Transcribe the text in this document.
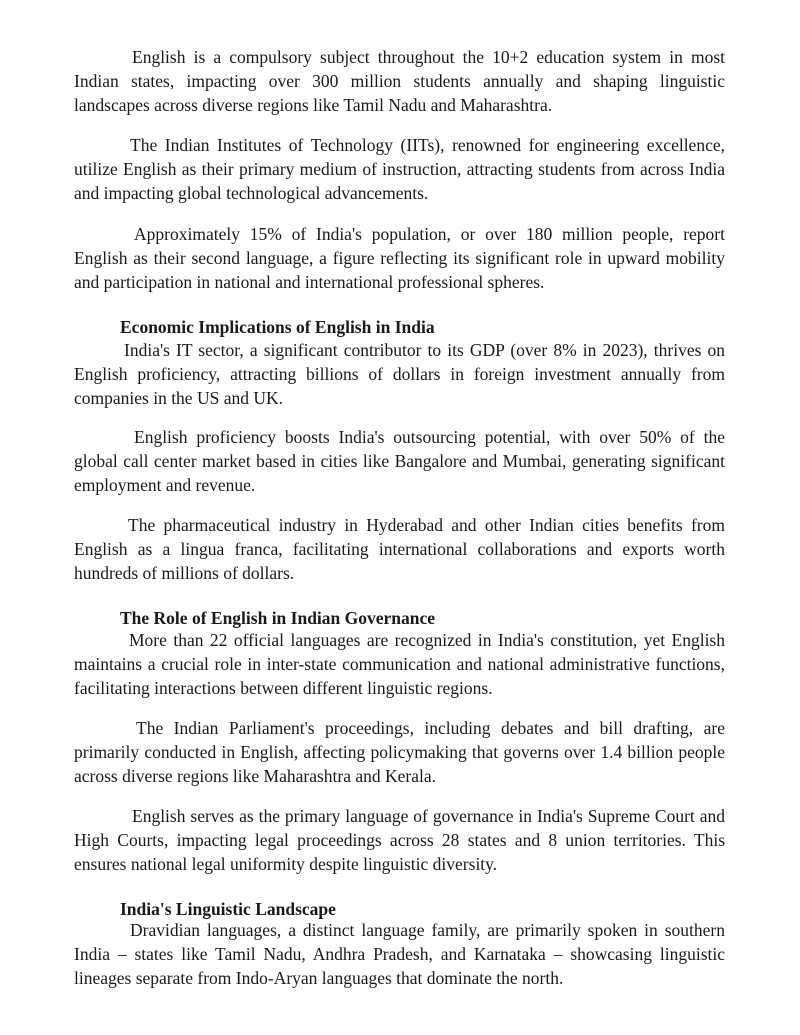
English is a compulsory subject throughout the 10+2 education system in most Indian states, impacting over 300 million students annually and shaping linguistic landscapes across diverse regions like Tamil Nadu and Maharashtra.

The Indian Institutes of Technology (IITs), renowned for engineering excellence, utilize English as their primary medium of instruction, attracting students from across India and impacting global technological advancements.

Approximately 15% of India's population, or over 180 million people, report English as their second language, a figure reflecting its significant role in upward mobility and participation in national and international professional spheres.

Economic Implications of English in India

India's IT sector, a significant contributor to its GDP (over 8% in 2023), thrives on English proficiency, attracting billions of dollars in foreign investment annually from companies in the US and UK.

English proficiency boosts India's outsourcing potential, with over 50% of the global call center market based in cities like Bangalore and Mumbai, generating significant employment and revenue.

The pharmaceutical industry in Hyderabad and other Indian cities benefits from English as a lingua franca, facilitating international collaborations and exports worth hundreds of millions of dollars.

The Role of English in Indian Governance

More than 22 official languages are recognized in India's constitution, yet English maintains a crucial role in inter-state communication and national administrative functions, facilitating interactions between different linguistic regions.

The Indian Parliament's proceedings, including debates and bill drafting, are primarily conducted in English, affecting policymaking that governs over 1.4 billion people across diverse regions like Maharashtra and Kerala.

English serves as the primary language of governance in India's Supreme Court and High Courts, impacting legal proceedings across 28 states and 8 union territories. This ensures national legal uniformity despite linguistic diversity.

India's Linguistic Landscape

Dravidian languages, a distinct language family, are primarily spoken in southern India – states like Tamil Nadu, Andhra Pradesh, and Karnataka – showcasing linguistic lineages separate from Indo-Aryan languages that dominate the north.
